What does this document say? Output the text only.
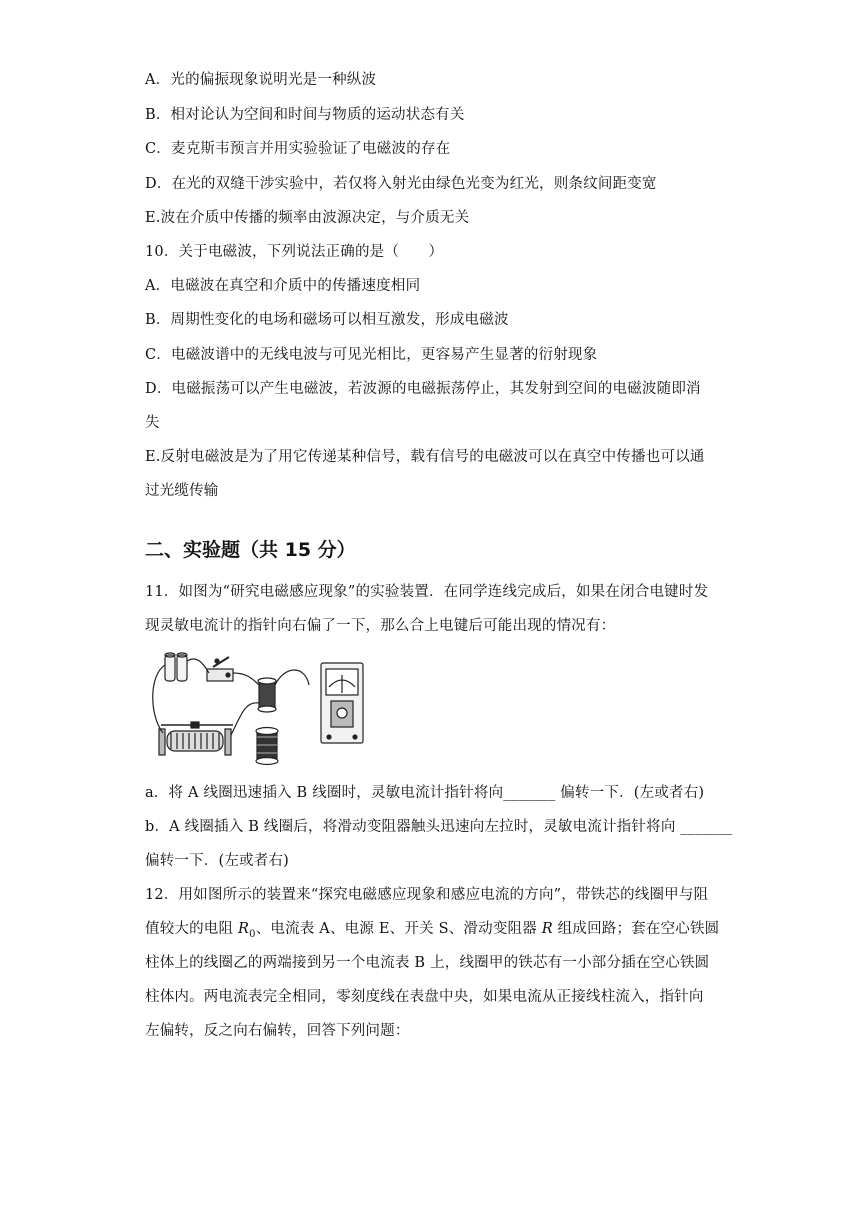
A．光的偏振现象说明光是一种纵波
B．相对论认为空间和时间与物质的运动状态有关
C．麦克斯韦预言并用实验验证了电磁波的存在
D．在光的双缝干涉实验中，若仅将入射光由绿色光变为红光，则条纹间距变宽
E.波在介质中传播的频率由波源决定，与介质无关
10．关于电磁波，下列说法正确的是（　　）
A．电磁波在真空和介质中的传播速度相同
B．周期性变化的电场和磁场可以相互激发，形成电磁波
C．电磁波谱中的无线电波与可见光相比，更容易产生显著的衍射现象
D．电磁振荡可以产生电磁波，若波源的电磁振荡停止，其发射到空间的电磁波随即消
失
E.反射电磁波是为了用它传递某种信号，载有信号的电磁波可以在真空中传播也可以通
过光缆传输
二、实验题（共 15 分）
11．如图为“研究电磁感应现象”的实验装置．在同学连线完成后，如果在闭合电键时发
现灵敏电流计的指针向右偏了一下，那么合上电键后可能出现的情况有：
a．将 A 线圈迅速插入 B 线圈时，灵敏电流计指针将向_______ 偏转一下．(左或者右)
b．A 线圈插入 B 线圈后，将滑动变阻器触头迅速向左拉时，灵敏电流计指针将向 _______
偏转一下．(左或者右)
12．用如图所示的装置来“探究电磁感应现象和感应电流的方向”，带铁芯的线圈甲与阻
值较大的电阻 $R_0$、电流表 A、电源 E、开关 S、滑动变阻器 R 组成回路；套在空心铁圆
柱体上的线圈乙的两端接到另一个电流表 B 上，线圈甲的铁芯有一小部分插在空心铁圆
柱体内。两电流表完全相同，零刻度线在表盘中央，如果电流从正接线柱流入，指针向
左偏转，反之向右偏转，回答下列问题：
